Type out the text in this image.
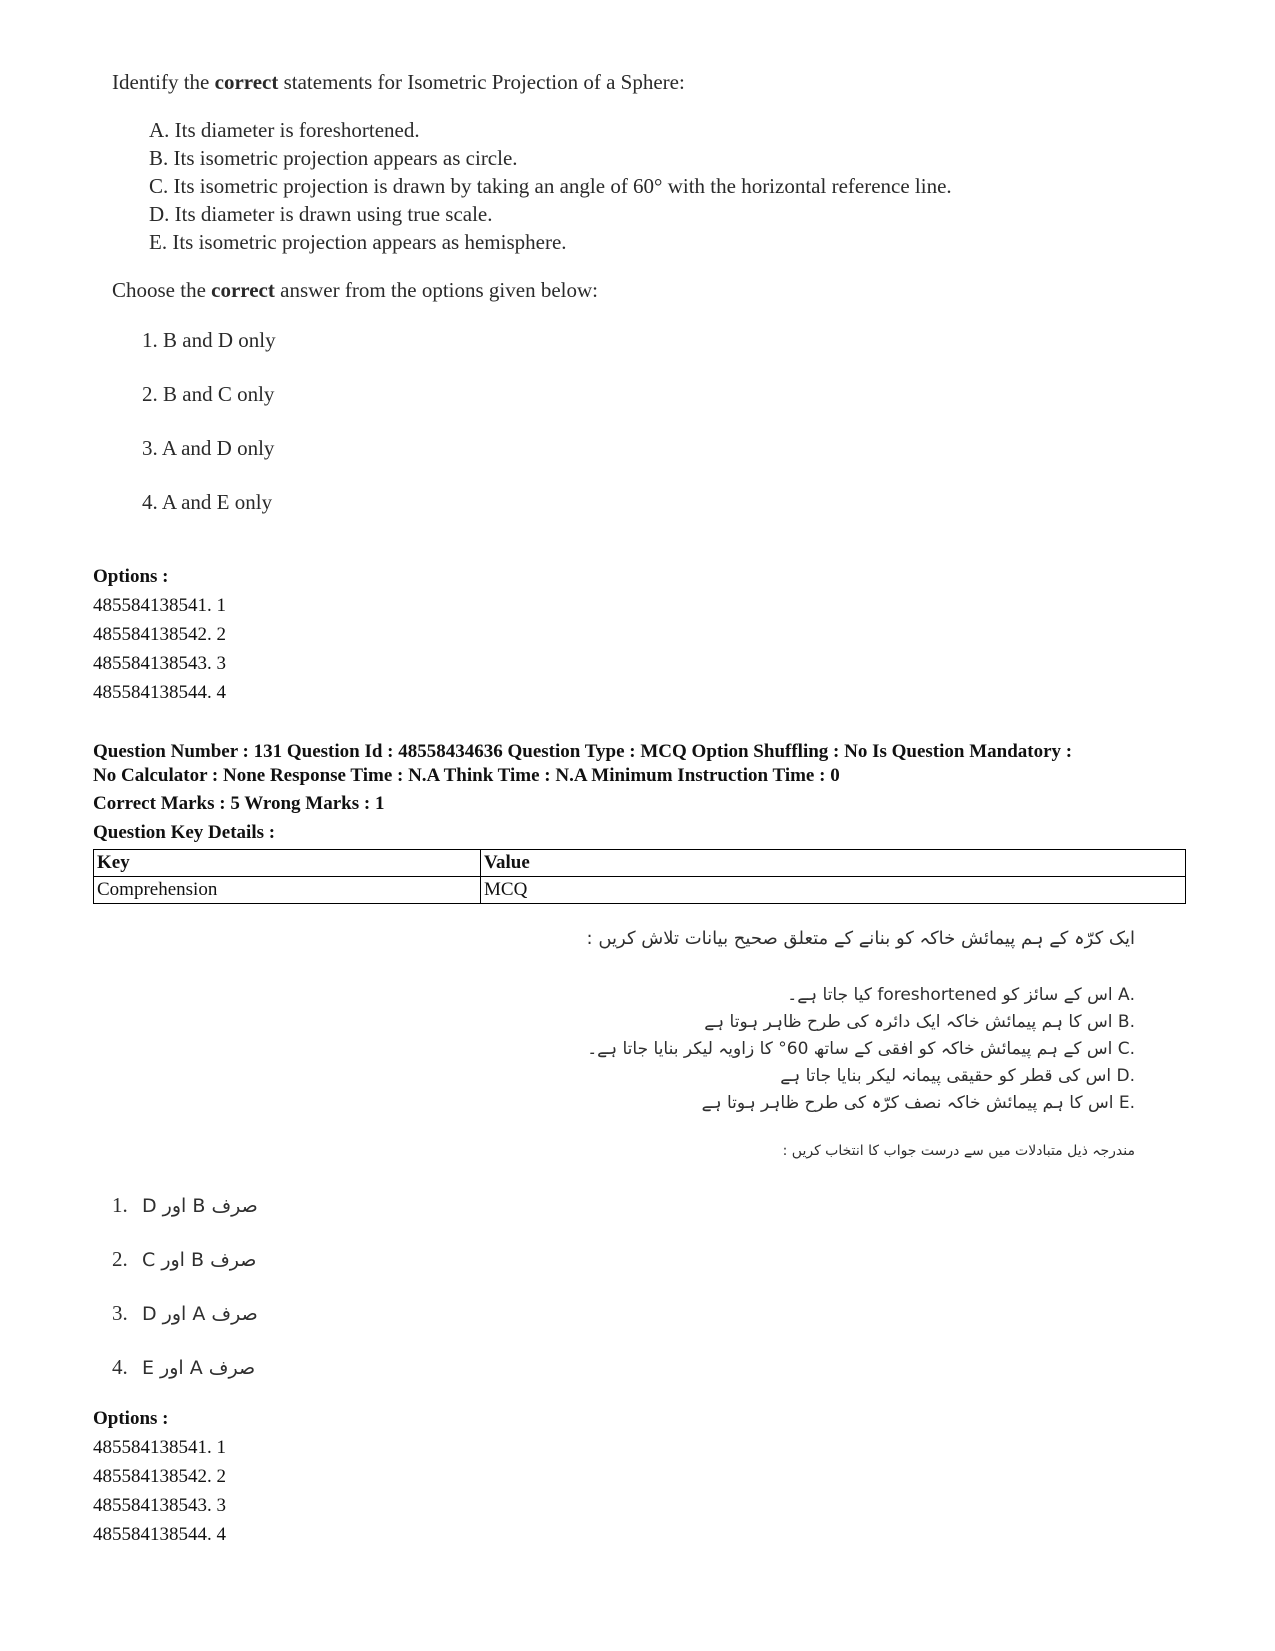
Identify the correct statements for Isometric Projection of a Sphere:

A. Its diameter is foreshortened.
B. Its isometric projection appears as circle.
C. Its isometric projection is drawn by taking an angle of 60° with the horizontal reference line.
D. Its diameter is drawn using true scale.
E. Its isometric projection appears as hemisphere.

Choose the correct answer from the options given below:

1. B and D only
2. B and C only
3. A and D only
4. A and E only
Options :
485584138541. 1
485584138542. 2
485584138543. 3
485584138544. 4

Question Number : 131 Question Id : 48558434636 Question Type : MCQ Option Shuffling : No Is Question Mandatory :

No Calculator : None Response Time : N.A Think Time : N.A Minimum Instruction Time : 0

Correct Marks : 5 Wrong Marks : 1

Question Key Details :

Key	Value
Comprehension	MCQ

ایک کرّہ کے ہم پیمائش خاکہ کو بنانے کے متعلق صحیح بیانات تلاش کریں :

.A اس کے سائز کو foreshortened کیا جاتا ہے۔
.B اس کا ہم پیمائش خاکہ ایک دائرہ کی طرح ظاہر ہوتا ہے
.C اس کے ہم پیمائش خاکہ کو افقی کے ساتھ 60° کا زاویہ لیکر بنایا جاتا ہے۔
.D اس کی قطر کو حقیقی پیمانہ لیکر بنایا جاتا ہے
.E اس کا ہم پیمائش خاکہ نصف کرّہ کی طرح ظاہر ہوتا ہے

مندرجہ ذیل متبادلات میں سے درست جواب کا انتخاب کریں :

1. صرف B اور D
2. صرف B اور C
3. صرف A اور D
4. صرف A اور E
Options :
485584138541. 1
485584138542. 2
485584138543. 3
485584138544. 4
